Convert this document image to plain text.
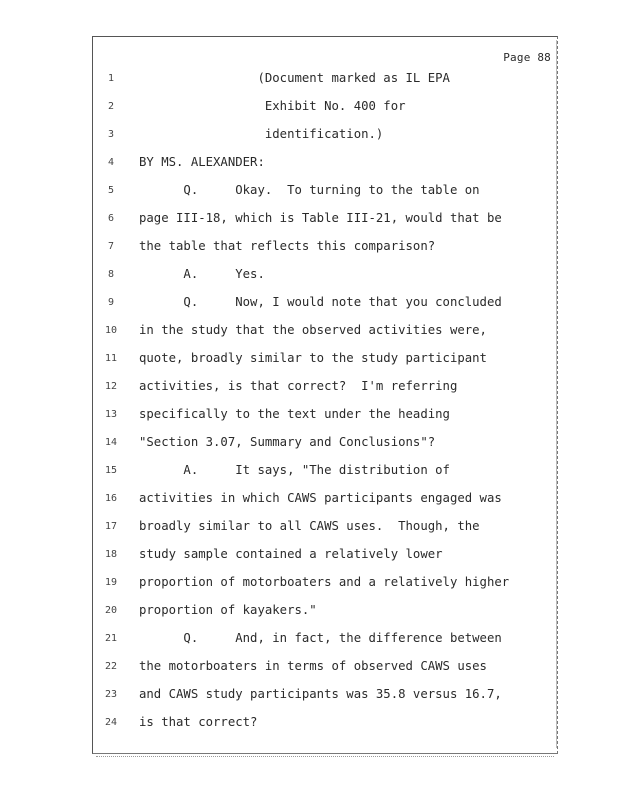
Page 88
1	(Document marked as IL EPA
2	Exhibit No. 400 for
3	identification.)
4	BY MS. ALEXANDER:
5	Q.     Okay.  To turning to the table on
6	page III-18, which is Table III-21, would that be
7	the table that reflects this comparison?
8	A.     Yes.
9	Q.     Now, I would note that you concluded
10 in the study that the observed activities were,
11 quote, broadly similar to the study participant
12 activities, is that correct?  I'm referring
13 specifically to the text under the heading
14 "Section 3.07, Summary and Conclusions"?
15 A.     It says, "The distribution of
16 activities in which CAWS participants engaged was
17 broadly similar to all CAWS uses.  Though, the
18 study sample contained a relatively lower
19 proportion of motorboaters and a relatively higher
20 proportion of kayakers."
21 Q.     And, in fact, the difference between
22 the motorboaters in terms of observed CAWS uses
23 and CAWS study participants was 35.8 versus 16.7,
24 is that correct?
